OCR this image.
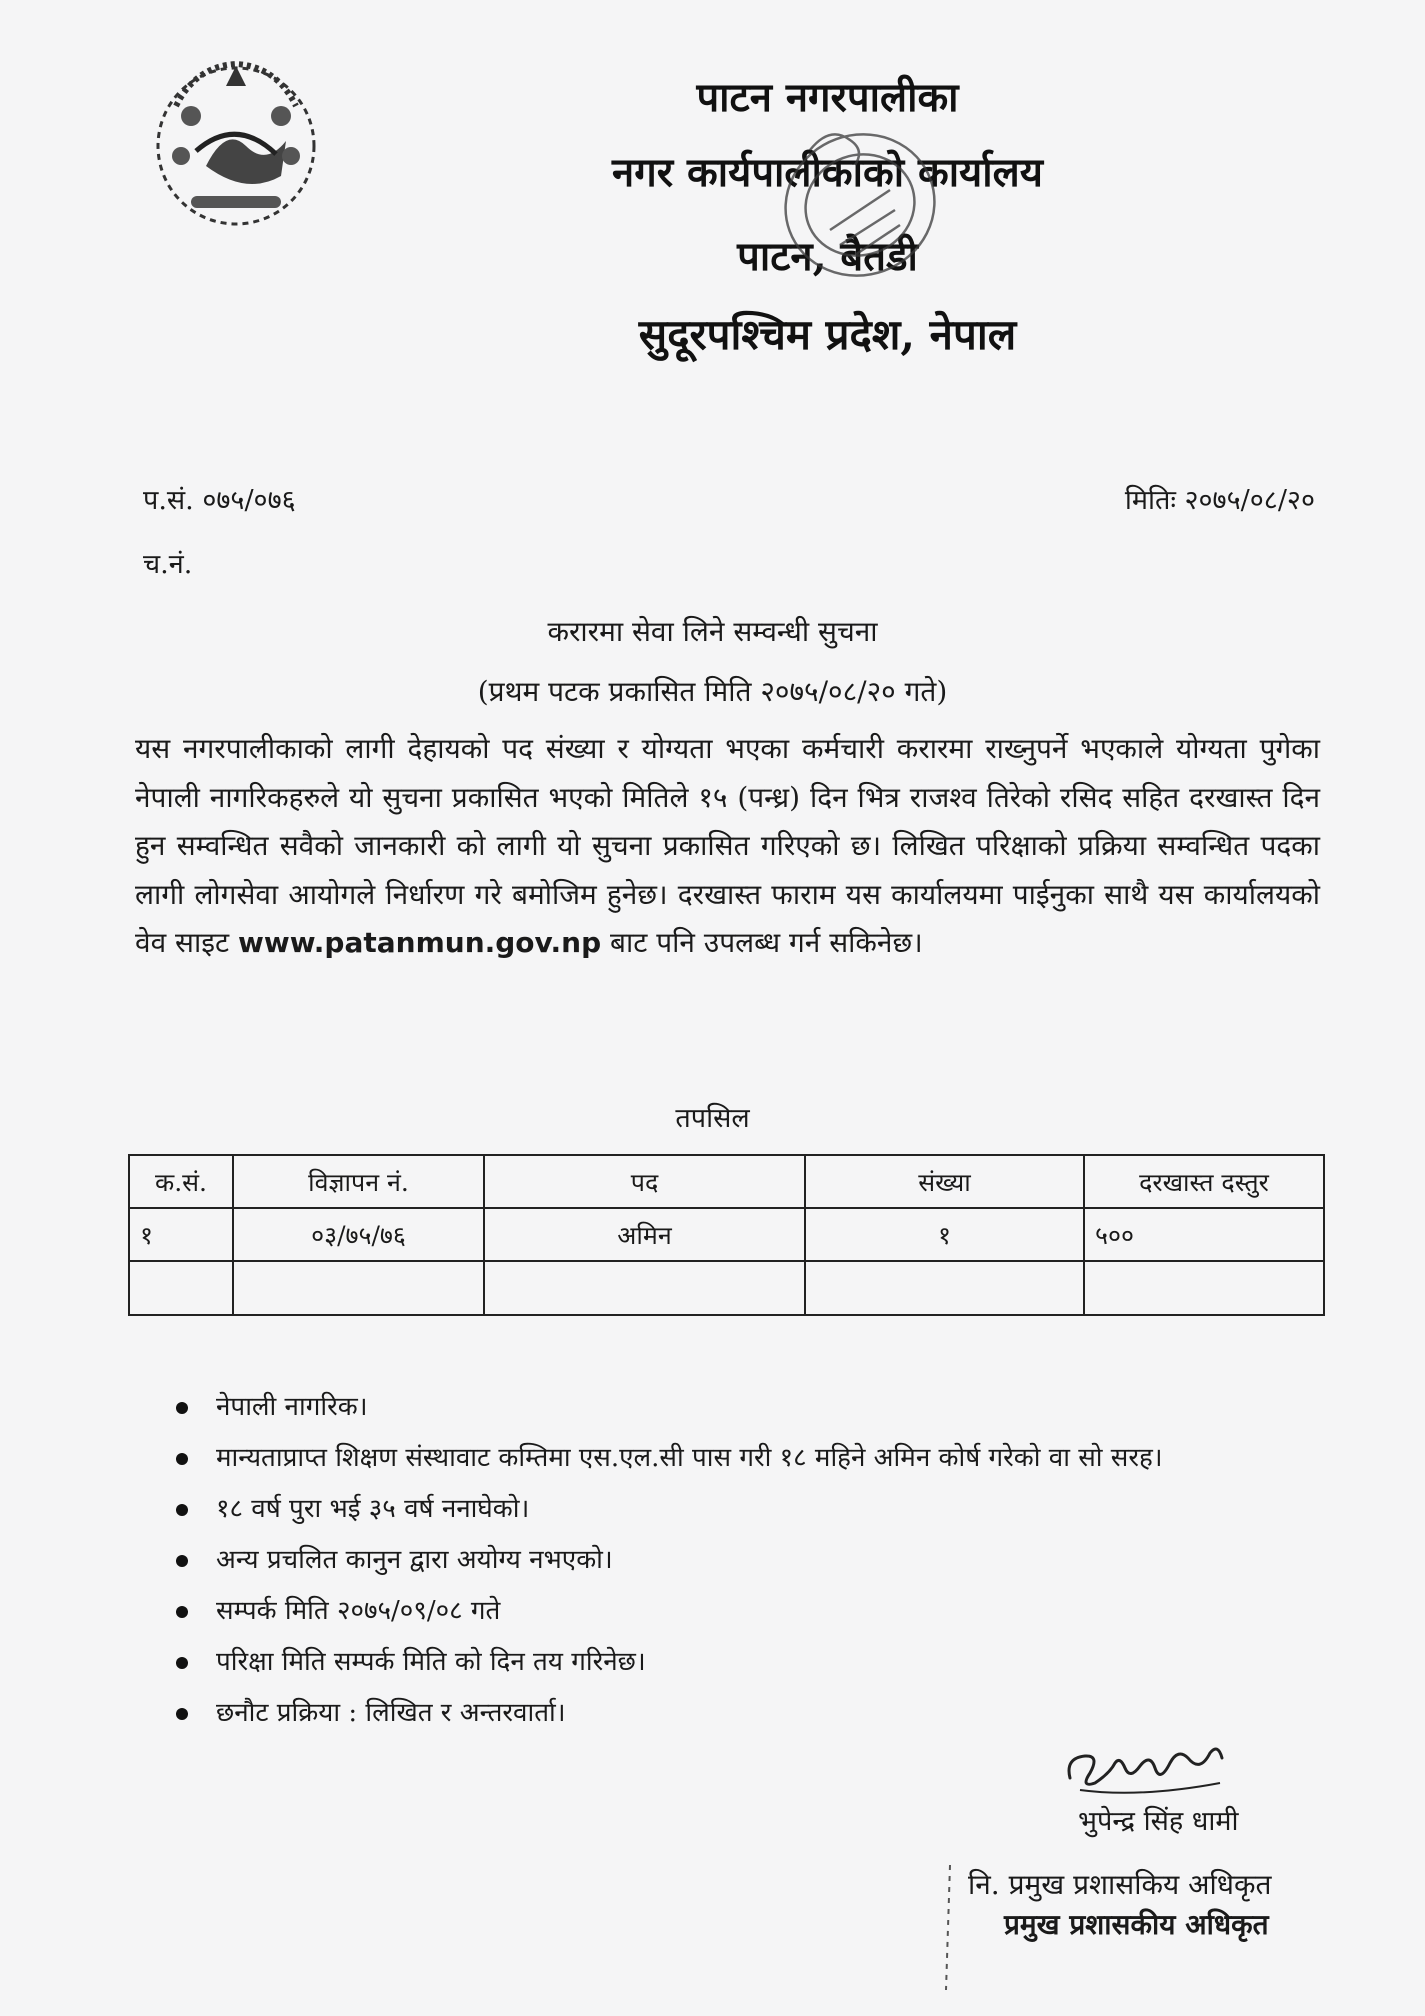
पाटन नगरपालीका
नगर कार्यपालीकाको कार्यालय
पाटन, बैतडी
सुदूरपश्चिम प्रदेश, नेपाल
प.सं. ०७५/०७६
च.नं.
मितिः २०७५/०८/२०
करारमा सेवा लिने सम्वन्धी सुचना
(प्रथम पटक प्रकासित मिति २०७५/०८/२० गते)
यस नगरपालीकाको लागी देहायको पद संख्या र योग्यता भएका कर्मचारी करारमा राख्नुपर्ने भएकाले योग्यता पुगेका नेपाली नागरिकहरुले यो सुचना प्रकासित भएको मितिले १५ (पन्ध्र) दिन भित्र राजश्व तिरेको रसिद सहित दरखास्त दिन हुन सम्वन्धित सवैको जानकारी को लागी यो सुचना प्रकासित गरिएको छ। लिखित परिक्षाको प्रक्रिया सम्वन्धित पदका लागी लोगसेवा आयोगले निर्धारण गरे बमोजिम हुनेछ। दरखास्त फाराम यस कार्यालयमा पाईनुका साथै यस कार्यालयको वेव साइट www.patanmun.gov.np बाट पनि उपलब्ध गर्न सकिनेछ।
तपसिल
क.सं.	विज्ञापन नं.	पद	संख्या	दरखास्त दस्तुर
१	०३/७५/७६	अमिन	१	५००

नेपाली नागरिक।
मान्यताप्राप्त शिक्षण संस्थावाट कम्तिमा एस.एल.सी पास गरी १८ महिने अमिन कोर्ष गरेको वा सो सरह।
१८ वर्ष पुरा भई ३५ वर्ष ननाघेको।
अन्य प्रचलित कानुन द्वारा अयोग्य नभएको।
सम्पर्क मिति २०७५/०९/०८ गते
परिक्षा मिति सम्पर्क मिति को दिन तय गरिनेछ।
छनौट प्रक्रिया : लिखित र अन्तरवार्ता।
भुपेन्द्र सिंह धामी
नि. प्रमुख प्रशासकिय अधिकृत
प्रमुख प्रशासकीय अधिकृत
